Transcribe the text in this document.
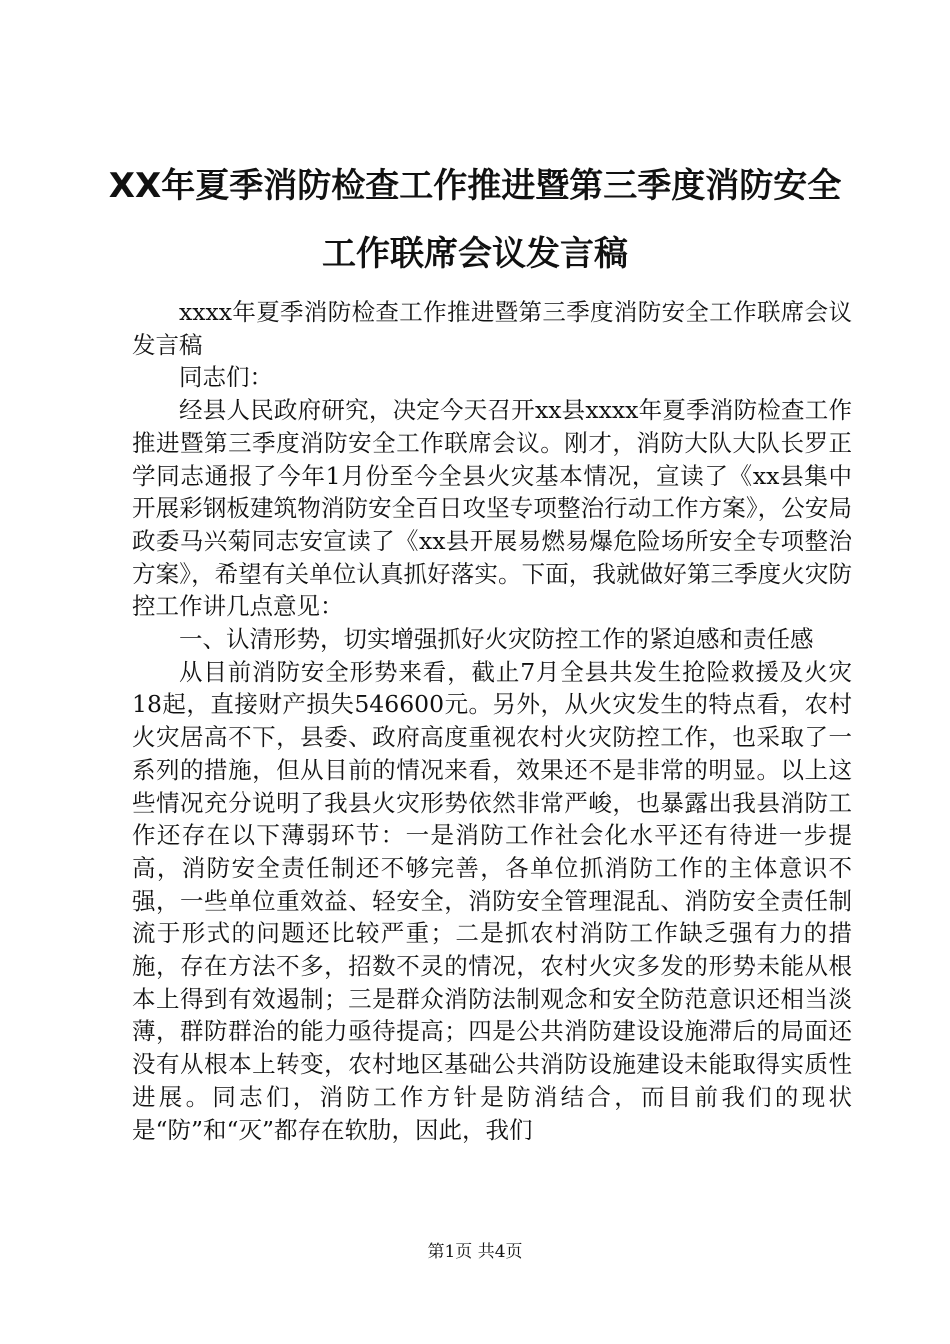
XX年夏季消防检查工作推进暨第三季度消防安全工作联席会议发言稿

xxxx年夏季消防检查工作推进暨第三季度消防安全工作联席会议发言稿

同志们：

经县人民政府研究，决定今天召开xx县xxxx年夏季消防检查工作推进暨第三季度消防安全工作联席会议。刚才，消防大队大队长罗正学同志通报了今年1月份至今全县火灾基本情况，宣读了《xx县集中开展彩钢板建筑物消防安全百日攻坚专项整治行动工作方案》，公安局政委马兴菊同志安宣读了《xx县开展易燃易爆危险场所安全专项整治方案》，希望有关单位认真抓好落实。下面，我就做好第三季度火灾防控工作讲几点意见：

一、认清形势，切实增强抓好火灾防控工作的紧迫感和责任感

从目前消防安全形势来看，截止7月全县共发生抢险救援及火灾18起，直接财产损失546600元。另外，从火灾发生的特点看，农村火灾居高不下，县委、政府高度重视农村火灾防控工作，也采取了一系列的措施，但从目前的情况来看，效果还不是非常的明显。以上这些情况充分说明了我县火灾形势依然非常严峻，也暴露出我县消防工作还存在以下薄弱环节：一是消防工作社会化水平还有待进一步提高，消防安全责任制还不够完善，各单位抓消防工作的主体意识不强，一些单位重效益、轻安全，消防安全管理混乱、消防安全责任制流于形式的问题还比较严重；二是抓农村消防工作缺乏强有力的措施，存在方法不多，招数不灵的情况，农村火灾多发的形势未能从根本上得到有效遏制；三是群众消防法制观念和安全防范意识还相当淡薄，群防群治的能力亟待提高；四是公共消防建设设施滞后的局面还没有从根本上转变，农村地区基础公共消防设施建设未能取得实质性进展。同志们，消防工作方针是防消结合，而目前我们的现状是“防”和“灭”都存在软肋，因此，我们

第1页 共4页
